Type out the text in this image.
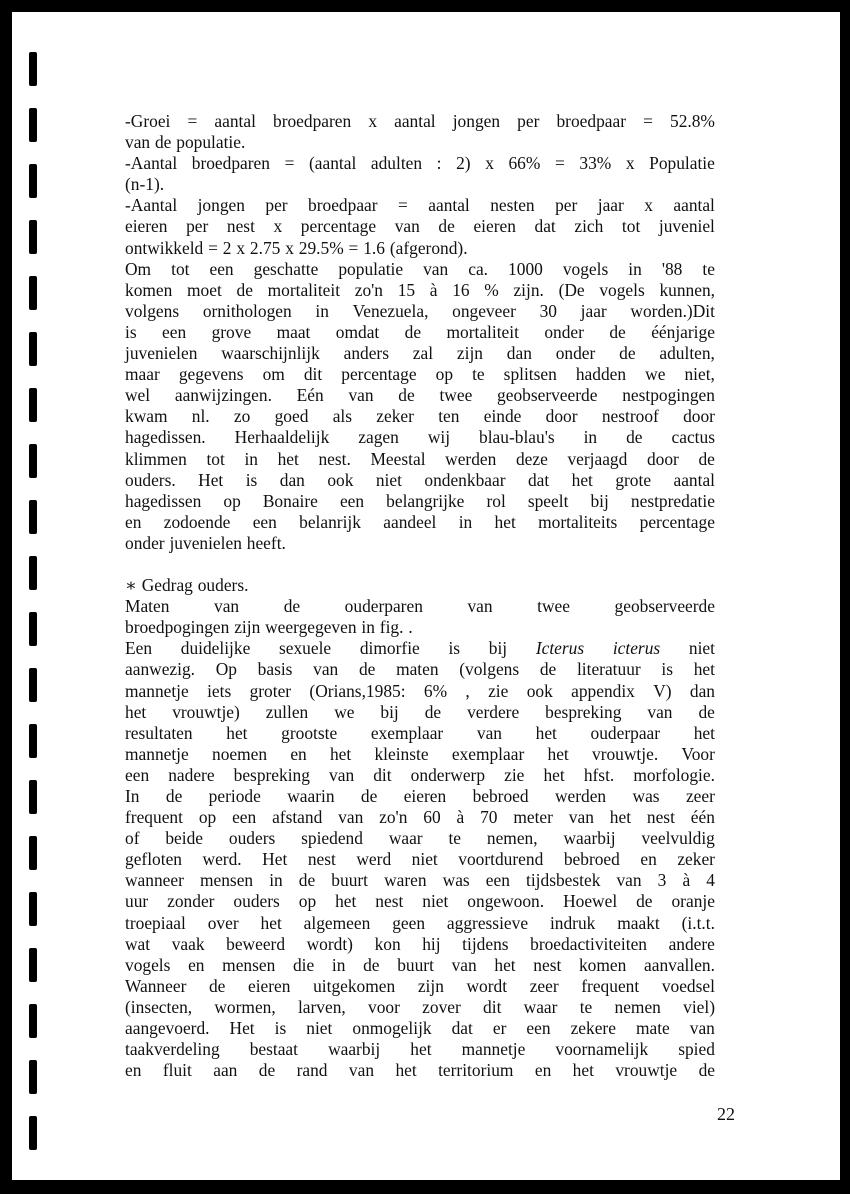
-Groei = aantal broedparen x aantal jongen per broedpaar = 52.8%
van de populatie.
-Aantal broedparen = (aantal adulten : 2) x 66% = 33% x Populatie
(n-1).
-Aantal jongen per broedpaar = aantal nesten per jaar x aantal
eieren per nest x percentage van de eieren dat zich tot juveniel
ontwikkeld = 2 x 2.75 x 29.5% = 1.6 (afgerond).
Om tot een geschatte populatie van ca. 1000 vogels in '88 te
komen moet de mortaliteit zo'n 15 à 16 % zijn. (De vogels kunnen,
volgens ornithologen in Venezuela, ongeveer 30 jaar worden.)Dit
is een grove maat omdat de mortaliteit onder de éénjarige
juvenielen waarschijnlijk anders zal zijn dan onder de adulten,
maar gegevens om dit percentage op te splitsen hadden we niet,
wel aanwijzingen. Eén van de twee geobserveerde nestpogingen
kwam nl. zo goed als zeker ten einde door nestroof door
hagedissen. Herhaaldelijk zagen wij blau-blau's in de cactus
klimmen tot in het nest. Meestal werden deze verjaagd door de
ouders. Het is dan ook niet ondenkbaar dat het grote aantal
hagedissen op Bonaire een belangrijke rol speelt bij nestpredatie
en zodoende een belanrijk aandeel in het mortaliteits percentage
onder juvenielen heeft.
∗ Gedrag ouders.
Maten	van	de	ouderparen	van	twee	geobserveerde
broedpogingen zijn weergegeven in fig. .
Een duidelijke sexuele dimorfie is bij Icterus icterus niet
aanwezig. Op basis van de maten (volgens de literatuur is het
mannetje iets groter (Orians,1985: 6% , zie ook appendix V) dan
het vrouwtje) zullen we bij de verdere bespreking van de
resultaten het grootste exemplaar van het ouderpaar het
mannetje noemen en het kleinste exemplaar het vrouwtje. Voor
een nadere bespreking van dit onderwerp zie het hfst. morfologie.
In de periode waarin de eieren bebroed werden was zeer
frequent op een afstand van zo'n 60 à 70 meter van het nest één
of beide ouders spiedend waar te nemen, waarbij veelvuldig
gefloten werd. Het nest werd niet voortdurend bebroed en zeker
wanneer mensen in de buurt waren was een tijdsbestek van 3 à 4
uur zonder ouders op het nest niet ongewoon. Hoewel de oranje
troepiaal over het algemeen geen aggressieve indruk maakt (i.t.t.
wat vaak beweerd wordt) kon hij tijdens broedactiviteiten andere
vogels en mensen die in de buurt van het nest komen aanvallen.
Wanneer de eieren uitgekomen zijn wordt zeer frequent voedsel
(insecten, wormen, larven, voor zover dit waar te nemen viel)
aangevoerd. Het is niet onmogelijk dat er een zekere mate van
taakverdeling bestaat waarbij het mannetje voornamelijk spied
en fluit aan de rand van het territorium en het vrouwtje de
22
